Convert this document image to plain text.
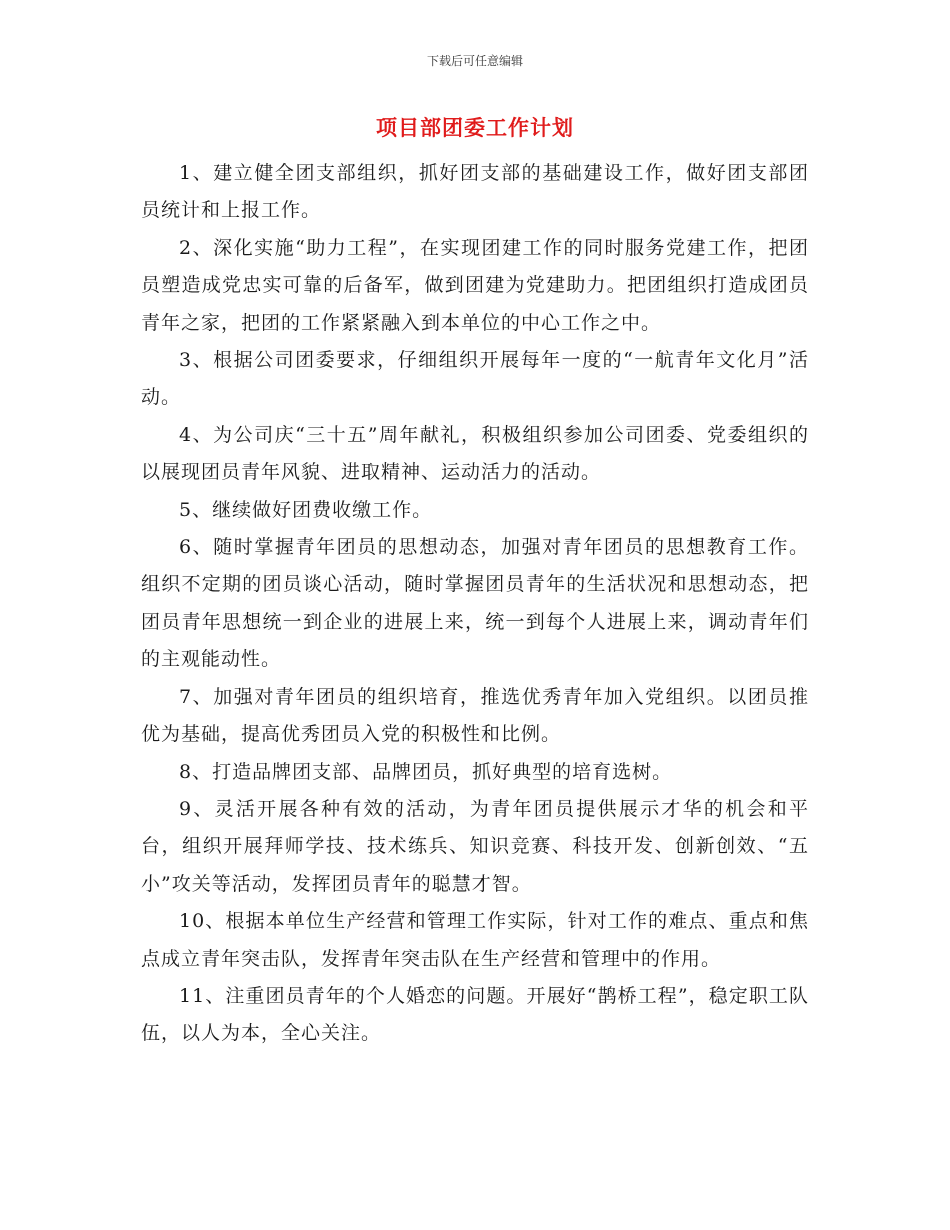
下载后可任意编辑
项目部团委工作计划

1、建立健全团支部组织，抓好团支部的基础建设工作，做好团支部团员统计和上报工作。

2、深化实施“助力工程”，在实现团建工作的同时服务党建工作，把团员塑造成党忠实可靠的后备军，做到团建为党建助力。把团组织打造成团员青年之家，把团的工作紧紧融入到本单位的中心工作之中。

3、根据公司团委要求，仔细组织开展每年一度的“一航青年文化月”活动。

4、为公司庆“三十五”周年献礼，积极组织参加公司团委、党委组织的以展现团员青年风貌、进取精神、运动活力的活动。

5、继续做好团费收缴工作。

6、随时掌握青年团员的思想动态，加强对青年团员的思想教育工作。组织不定期的团员谈心活动，随时掌握团员青年的生活状况和思想动态，把团员青年思想统一到企业的进展上来，统一到每个人进展上来，调动青年们的主观能动性。

7、加强对青年团员的组织培育，推选优秀青年加入党组织。以团员推优为基础，提高优秀团员入党的积极性和比例。

8、打造品牌团支部、品牌团员，抓好典型的培育选树。

9、灵活开展各种有效的活动，为青年团员提供展示才华的机会和平台，组织开展拜师学技、技术练兵、知识竞赛、科技开发、创新创效、“五小”攻关等活动，发挥团员青年的聪慧才智。

10、根据本单位生产经营和管理工作实际，针对工作的难点、重点和焦点成立青年突击队，发挥青年突击队在生产经营和管理中的作用。

11、注重团员青年的个人婚恋的问题。开展好“鹊桥工程”，稳定职工队伍，以人为本，全心关注。
